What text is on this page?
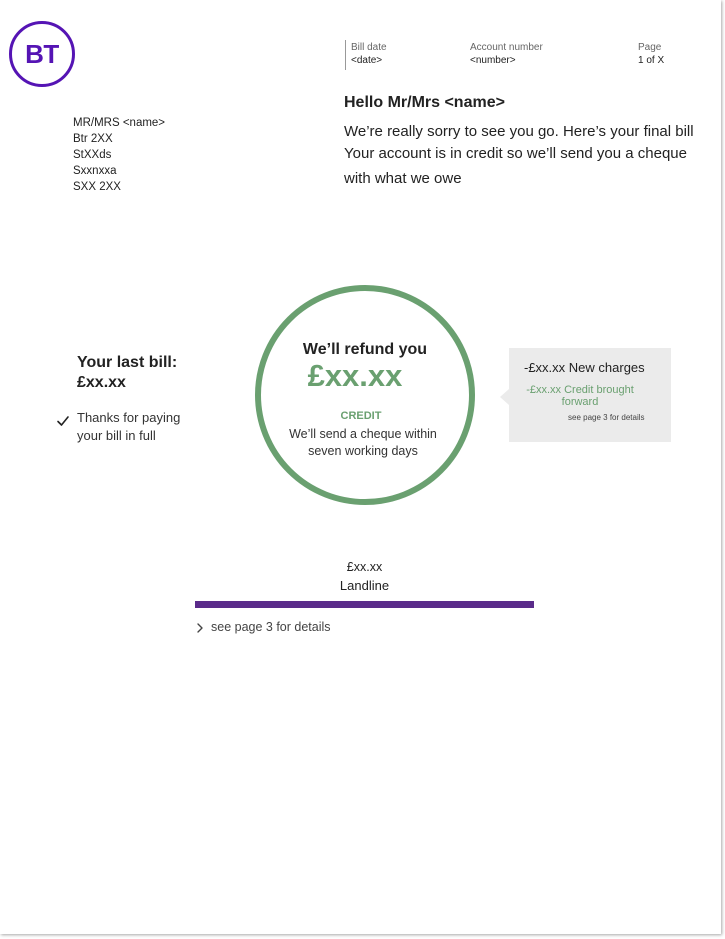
BT	Bill date
<date>
Account number
<number>
Page
1 of X
MR/MRS <name>
Btr 2XX
StXXds
Sxxnxxa
SXX 2XX
Hello Mr/Mrs <name>
We’re really sorry to see you go. Here’s your final bill
Your account is in credit so we’ll send you a cheque
with what we owe
Your last bill:
£xx.xx
Thanks for paying
your bill in full
We’ll refund you
£xx.xx
CREDIT
We’ll send a cheque within
seven working days
-£xx.xx New charges
-£xx.xx Credit brought
forward
see page 3 for details
£xx.xx
Landline
see page 3 for details
